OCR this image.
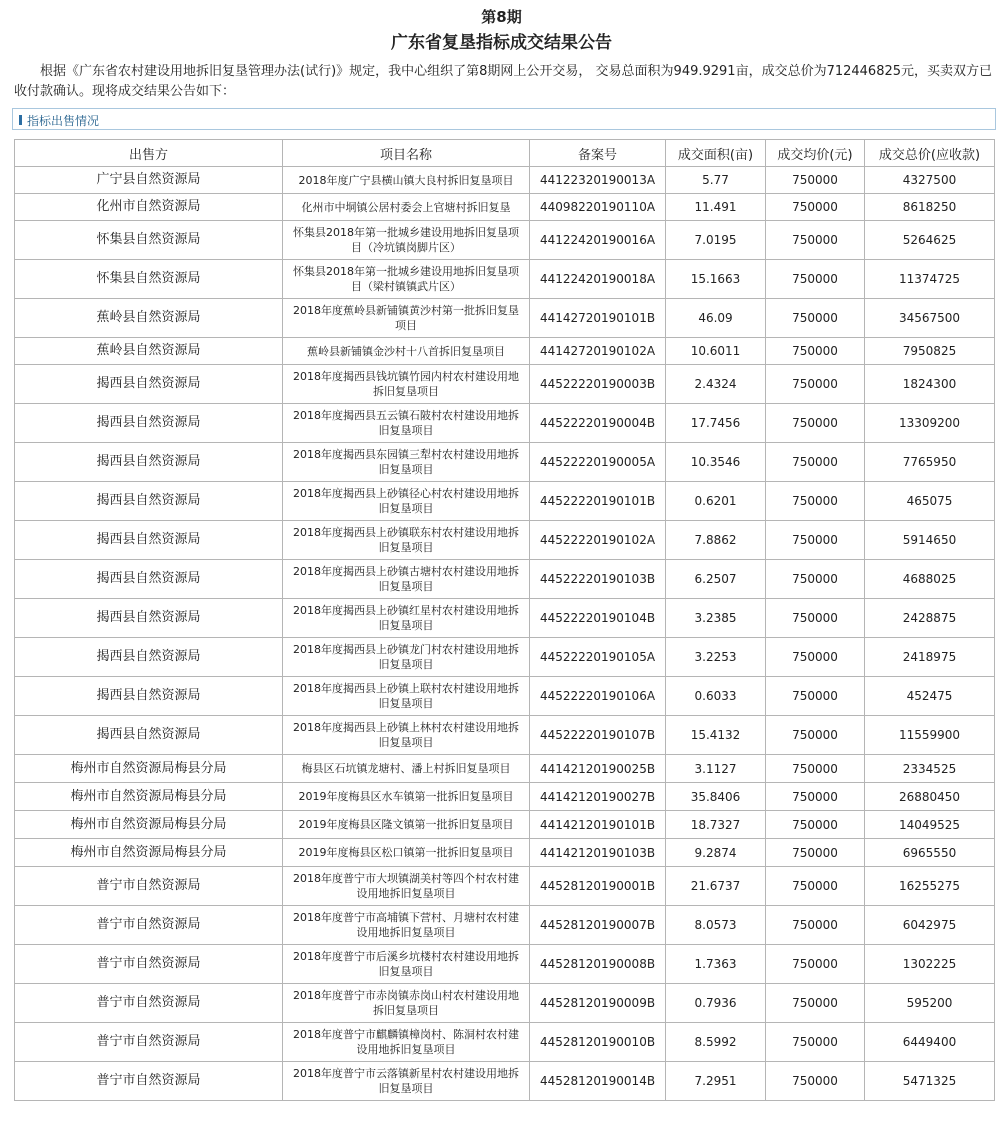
第8期
广东省复垦指标成交结果公告
根据《广东省农村建设用地拆旧复垦管理办法(试行)》规定，我中心组织了第8期网上公开交易， 交易总面积为949.9291亩，成交总价为712446825元，买卖双方已收付款确认。现将成交结果公告如下：
指标出售情况
出售方	项目名称	备案号	成交面积(亩)	成交均价(元)	成交总价(应收款)
广宁县自然资源局	2018年度广宁县横山镇大良村拆旧复垦项目	44122320190013A	5.77	750000	4327500
化州市自然资源局	化州市中垌镇公居村委会上官塘村拆旧复垦	44098220190110A	11.491	750000	8618250
怀集县自然资源局	怀集县2018年第一批城乡建设用地拆旧复垦项目（冷坑镇岗脚片区）	44122420190016A	7.0195	750000	5264625
怀集县自然资源局	怀集县2018年第一批城乡建设用地拆旧复垦项目（梁村镇镇武片区）	44122420190018A	15.1663	750000	11374725
蕉岭县自然资源局	2018年度蕉岭县新铺镇黄沙村第一批拆旧复垦项目	44142720190101B	46.09	750000	34567500
蕉岭县自然资源局	蕉岭县新铺镇金沙村十八首拆旧复垦项目	44142720190102A	10.6011	750000	7950825
揭西县自然资源局	2018年度揭西县钱坑镇竹园内村农村建设用地拆旧复垦项目	44522220190003B	2.4324	750000	1824300
揭西县自然资源局	2018年度揭西县五云镇石陂村农村建设用地拆旧复垦项目	44522220190004B	17.7456	750000	13309200
揭西县自然资源局	2018年度揭西县东园镇三犁村农村建设用地拆旧复垦项目	44522220190005A	10.3546	750000	7765950
揭西县自然资源局	2018年度揭西县上砂镇径心村农村建设用地拆旧复垦项目	44522220190101B	0.6201	750000	465075
揭西县自然资源局	2018年度揭西县上砂镇联东村农村建设用地拆旧复垦项目	44522220190102A	7.8862	750000	5914650
揭西县自然资源局	2018年度揭西县上砂镇古塘村农村建设用地拆旧复垦项目	44522220190103B	6.2507	750000	4688025
揭西县自然资源局	2018年度揭西县上砂镇红星村农村建设用地拆旧复垦项目	44522220190104B	3.2385	750000	2428875
揭西县自然资源局	2018年度揭西县上砂镇龙门村农村建设用地拆旧复垦项目	44522220190105A	3.2253	750000	2418975
揭西县自然资源局	2018年度揭西县上砂镇上联村农村建设用地拆旧复垦项目	44522220190106A	0.6033	750000	452475
揭西县自然资源局	2018年度揭西县上砂镇上林村农村建设用地拆旧复垦项目	44522220190107B	15.4132	750000	11559900
梅州市自然资源局梅县分局	梅县区石坑镇龙塘村、潘上村拆旧复垦项目	44142120190025B	3.1127	750000	2334525
梅州市自然资源局梅县分局	2019年度梅县区水车镇第一批拆旧复垦项目	44142120190027B	35.8406	750000	26880450
梅州市自然资源局梅县分局	2019年度梅县区隆文镇第一批拆旧复垦项目	44142120190101B	18.7327	750000	14049525
梅州市自然资源局梅县分局	2019年度梅县区松口镇第一批拆旧复垦项目	44142120190103B	9.2874	750000	6965550
普宁市自然资源局	2018年度普宁市大坝镇湖美村等四个村农村建设用地拆旧复垦项目	44528120190001B	21.6737	750000	16255275
普宁市自然资源局	2018年度普宁市高埔镇下营村、月塘村农村建设用地拆旧复垦项目	44528120190007B	8.0573	750000	6042975
普宁市自然资源局	2018年度普宁市后溪乡坑楼村农村建设用地拆旧复垦项目	44528120190008B	1.7363	750000	1302225
普宁市自然资源局	2018年度普宁市赤岗镇赤岗山村农村建设用地拆旧复垦项目	44528120190009B	0.7936	750000	595200
普宁市自然资源局	2018年度普宁市麒麟镇樟岗村、陈洞村农村建设用地拆旧复垦项目	44528120190010B	8.5992	750000	6449400
普宁市自然资源局	2018年度普宁市云落镇新星村农村建设用地拆旧复垦项目	44528120190014B	7.2951	750000	5471325
